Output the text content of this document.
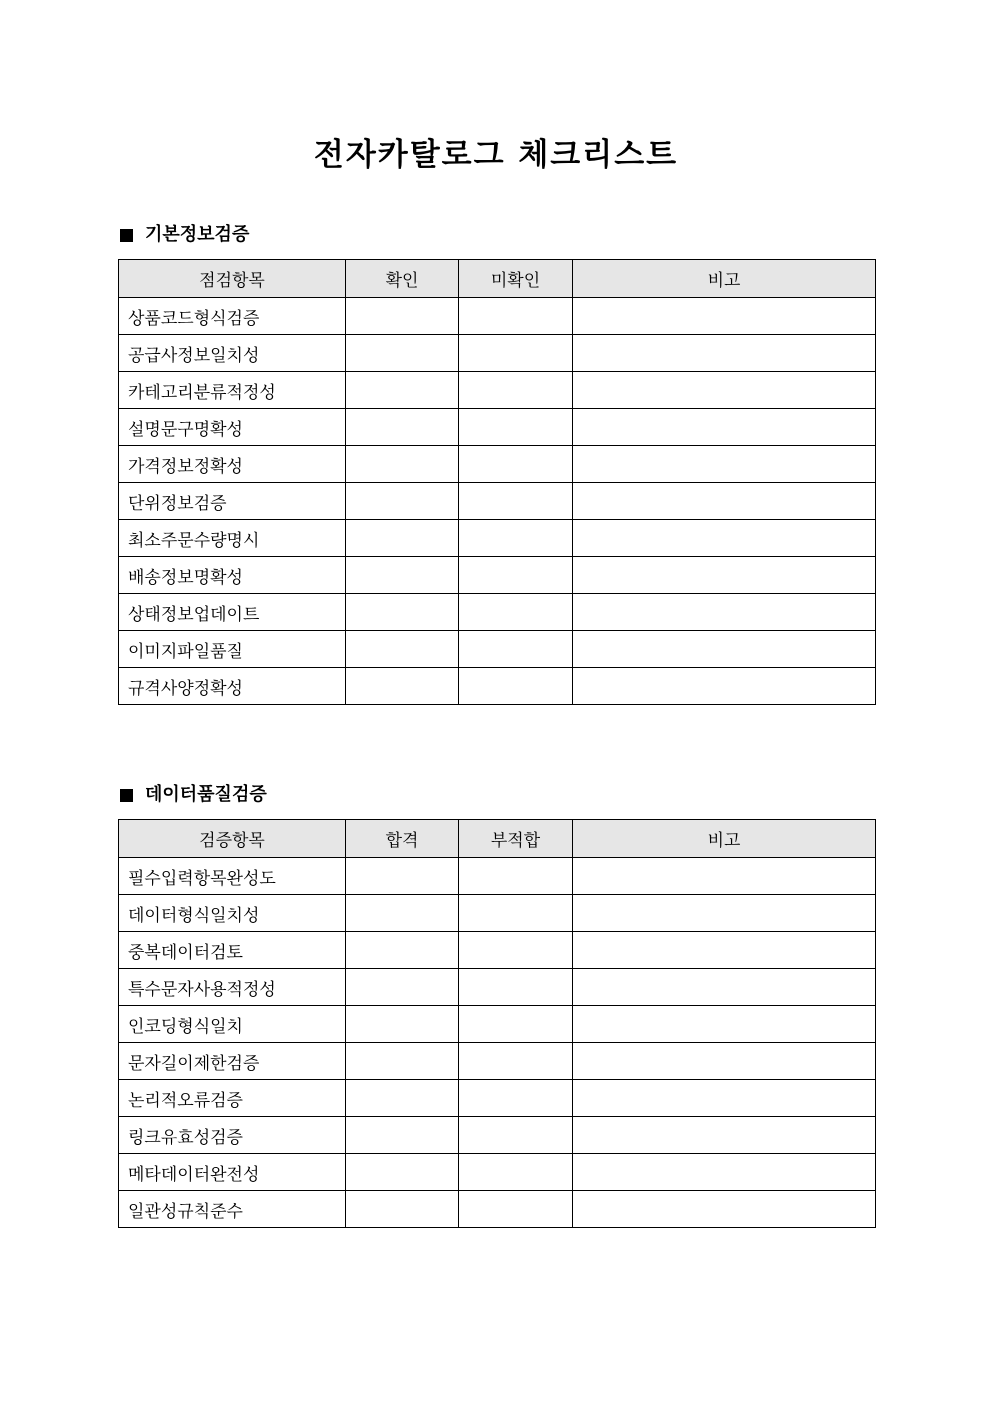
전자카탈로그 체크리스트
기본정보검증
점검항목	확인	미확인	비고
상품코드형식검증			
공급사정보일치성			
카테고리분류적정성			
설명문구명확성			
가격정보정확성			
단위정보검증			
최소주문수량명시			
배송정보명확성			
상태정보업데이트			
이미지파일품질			
규격사양정확성			
데이터품질검증
검증항목	합격	부적합	비고
필수입력항목완성도			
데이터형식일치성			
중복데이터검토			
특수문자사용적정성			
인코딩형식일치			
문자길이제한검증			
논리적오류검증			
링크유효성검증			
메타데이터완전성			
일관성규칙준수			
